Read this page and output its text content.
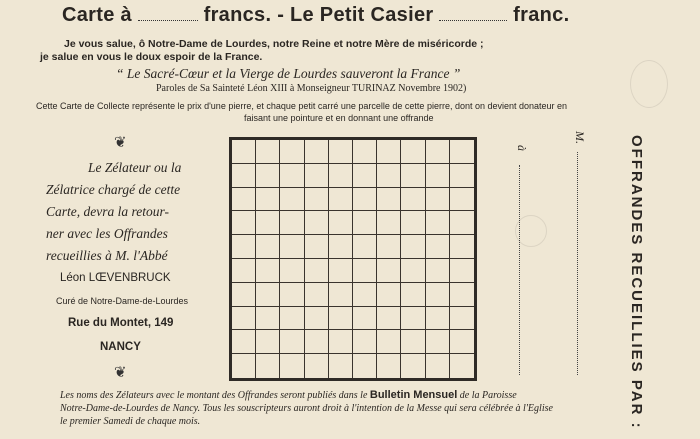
Carte à	francs. - Le Petit Casier	franc.
Je vous salue, ô Notre-Dame de Lourdes, notre Reine et notre Mère de miséricorde ;
je salue en vous le doux espoir de la France.
“ Le Sacré-Cœur et la Vierge de Lourdes sauveront la France ”
Paroles de Sa Sainteté Léon XIII à Monseigneur TURINAZ Novembre 1902)
Cette Carte de Collecte représente le prix d'une pierre, et chaque petit carré une parcelle de cette pierre, dont on devient donateur en
faisant une pointure et en donnant une offrande
❦
Le Zélateur ou la
Zélatrice chargé de cette
Carte, devra la retour-
ner avec les Offrandes
recueillies à M. l'Abbé
Léon LŒVENBRUCK
Curé de Notre-Dame-de-Lourdes
Rue du Montet, 149
NANCY
❦
à
M.	OFFRANDES RECUEILLIES PAR :
Les noms des Zélateurs avec le montant des Offrandes seront publiés dans le Bulletin Mensuel de la Paroisse
Notre-Dame-de-Lourdes de Nancy. Tous les souscripteurs auront droit à l'intention de la Messe qui sera célébrée à l'Eglise
le premier Samedi de chaque mois.
